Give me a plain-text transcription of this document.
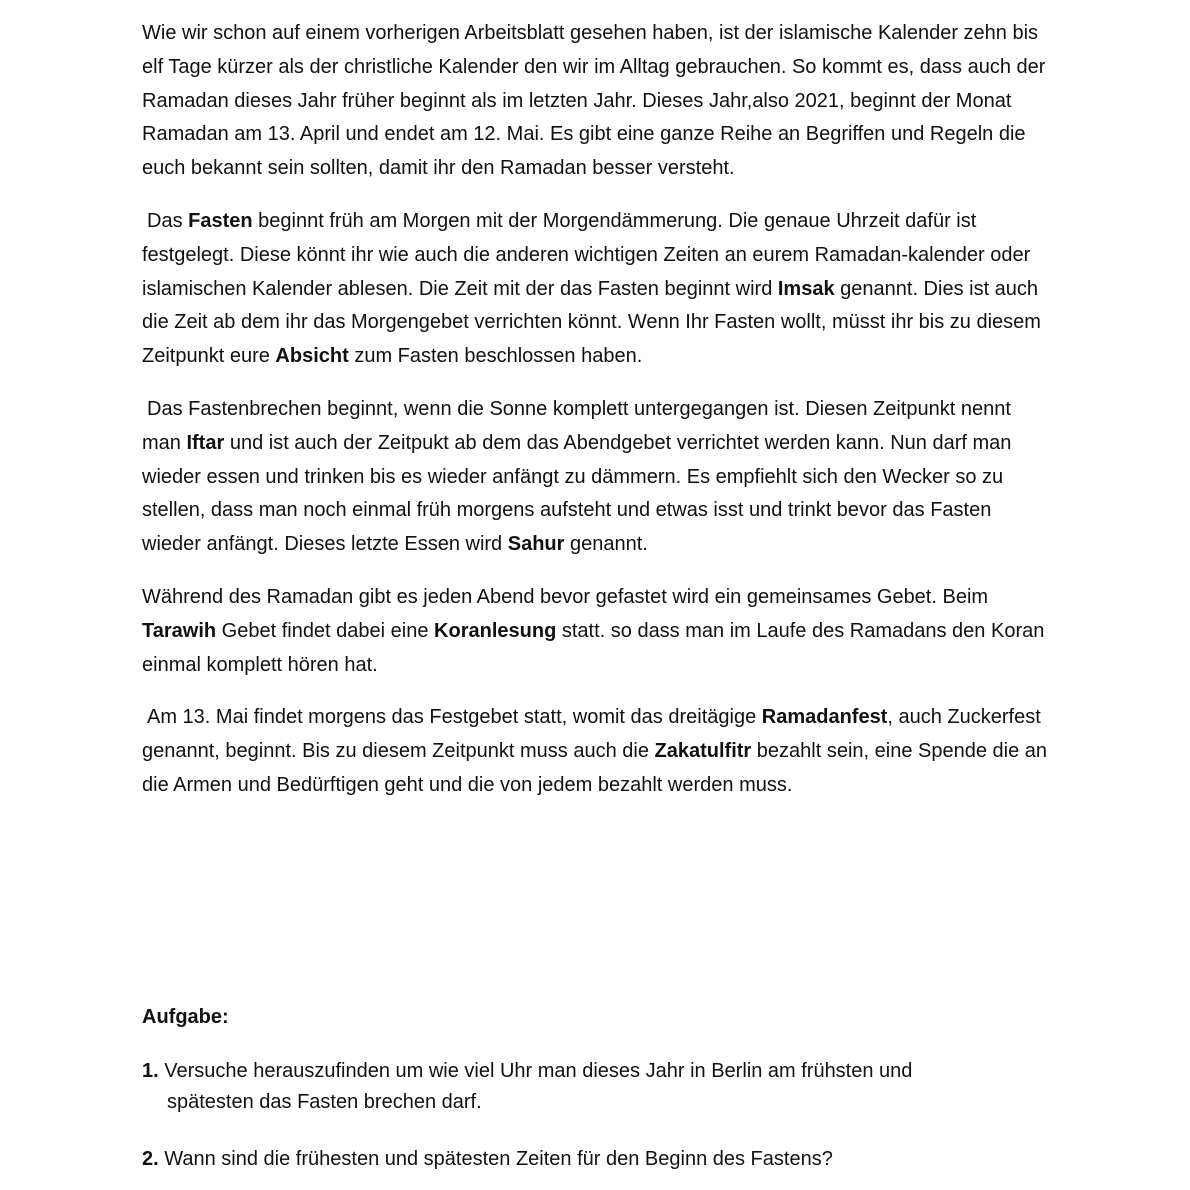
Wie wir schon auf einem vorherigen Arbeitsblatt gesehen haben, ist der islamische Kalender zehn bis elf Tage kürzer als der christliche Kalender den wir im Alltag gebrauchen. So kommt es, dass auch der Ramadan dieses Jahr früher beginnt als im letzten Jahr. Dieses Jahr,also 2021, beginnt der Monat Ramadan am 13. April und endet am 12. Mai. Es gibt eine ganze Reihe an Begriffen und Regeln die euch bekannt sein sollten, damit ihr den Ramadan besser versteht.

Das Fasten beginnt früh am Morgen mit der Morgendämmerung. Die genaue Uhrzeit dafür ist festgelegt. Diese könnt ihr wie auch die anderen wichtigen Zeiten an eurem Ramadan-kalender oder islamischen Kalender ablesen. Die Zeit mit der das Fasten beginnt wird Imsak genannt. Dies ist auch die Zeit ab dem ihr das Morgengebet verrichten könnt. Wenn Ihr Fasten wollt, müsst ihr bis zu diesem Zeitpunkt eure Absicht zum Fasten beschlossen haben.

Das Fastenbrechen beginnt, wenn die Sonne komplett untergegangen ist. Diesen Zeitpunkt nennt man Iftar und ist auch der Zeitpukt ab dem das Abendgebet verrichtet werden kann. Nun darf man wieder essen und trinken bis es wieder anfängt zu dämmern. Es empfiehlt sich den Wecker so zu stellen, dass man noch einmal früh morgens aufsteht und etwas isst und trinkt bevor das Fasten wieder anfängt. Dieses letzte Essen wird Sahur genannt.

Während des Ramadan gibt es jeden Abend bevor gefastet wird ein gemeinsames Gebet. Beim Tarawih Gebet findet dabei eine Koranlesung statt. so dass man im Laufe des Ramadans den Koran einmal komplett hören hat.

Am 13. Mai findet morgens das Festgebet statt, womit das dreitägige Ramadanfest, auch Zuckerfest genannt, beginnt. Bis zu diesem Zeitpunkt muss auch die Zakatulfitr bezahlt sein, eine Spende die an die Armen und Bedürftigen geht und die von jedem bezahlt werden muss.

Aufgabe:

1. Versuche herauszufinden um wie viel Uhr man dieses Jahr in Berlin am frühsten und
spätesten das Fasten brechen darf.

2. Wann sind die frühesten und spätesten Zeiten für den Beginn des Fastens?
